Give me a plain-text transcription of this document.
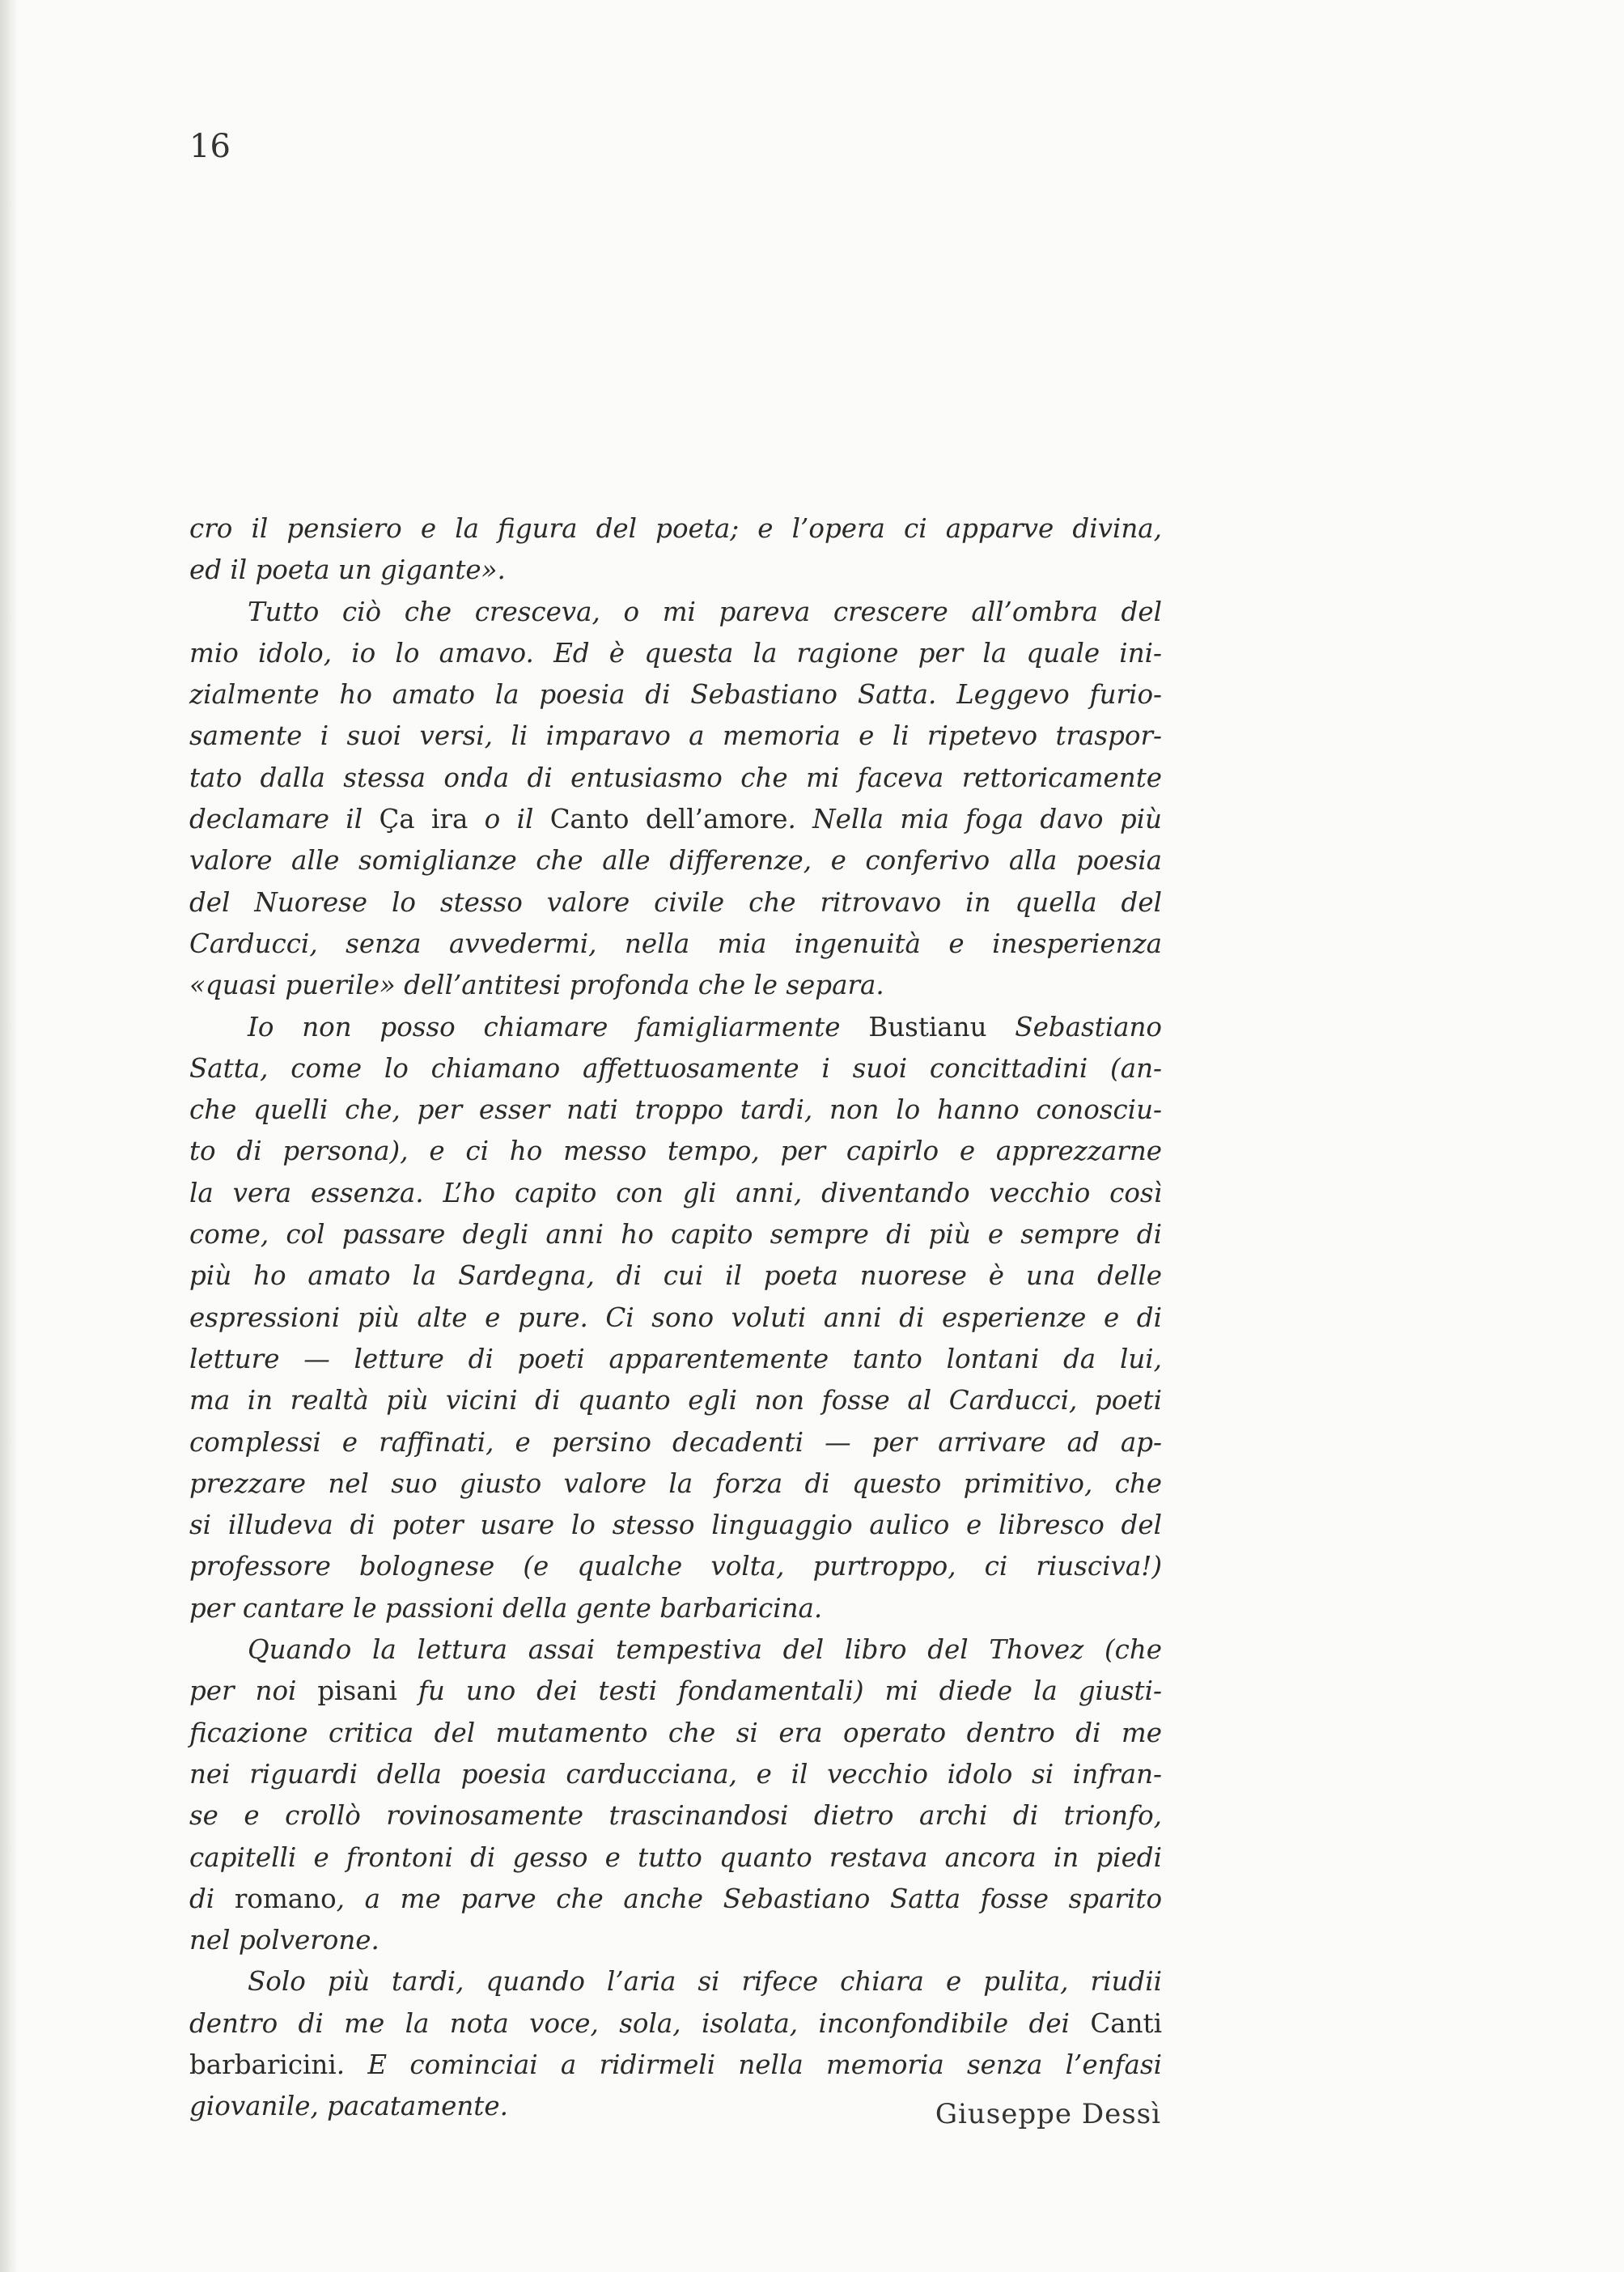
16
cro il pensiero e la figura del poeta; e l’opera ci apparve divina,
ed il poeta un gigante».
Tutto ciò che cresceva, o mi pareva crescere all’ombra del
mio idolo, io lo amavo. Ed è questa la ragione per la quale ini-
zialmente ho amato la poesia di Sebastiano Satta. Leggevo furio-
samente i suoi versi, li imparavo a memoria e li ripetevo traspor-
tato dalla stessa onda di entusiasmo che mi faceva rettoricamente
declamare il Ça ira o il Canto dell’amore. Nella mia foga davo più
valore alle somiglianze che alle differenze, e conferivo alla poesia
del Nuorese lo stesso valore civile che ritrovavo in quella del
Carducci, senza avvedermi, nella mia ingenuità e inesperienza
«quasi puerile» dell’antitesi profonda che le separa.
Io non posso chiamare famigliarmente Bustianu Sebastiano
Satta, come lo chiamano affettuosamente i suoi concittadini (an-
che quelli che, per esser nati troppo tardi, non lo hanno conosciu-
to di persona), e ci ho messo tempo, per capirlo e apprezzarne
la vera essenza. L’ho capito con gli anni, diventando vecchio così
come, col passare degli anni ho capito sempre di più e sempre di
più ho amato la Sardegna, di cui il poeta nuorese è una delle
espressioni più alte e pure. Ci sono voluti anni di esperienze e di
letture — letture di poeti apparentemente tanto lontani da lui,
ma in realtà più vicini di quanto egli non fosse al Carducci, poeti
complessi e raffinati, e persino decadenti — per arrivare ad ap-
prezzare nel suo giusto valore la forza di questo primitivo, che
si illudeva di poter usare lo stesso linguaggio aulico e libresco del
professore bolognese (e qualche volta, purtroppo, ci riusciva!)
per cantare le passioni della gente barbaricina.
Quando la lettura assai tempestiva del libro del Thovez (che
per noi pisani fu uno dei testi fondamentali) mi diede la giusti-
ficazione critica del mutamento che si era operato dentro di me
nei riguardi della poesia carducciana, e il vecchio idolo si infran-
se e crollò rovinosamente trascinandosi dietro archi di trionfo,
capitelli e frontoni di gesso e tutto quanto restava ancora in piedi
di romano, a me parve che anche Sebastiano Satta fosse sparito
nel polverone.
Solo più tardi, quando l’aria si rifece chiara e pulita, riudii
dentro di me la nota voce, sola, isolata, inconfondibile dei Canti
barbaricini. E cominciai a ridirmeli nella memoria senza l’enfasi
giovanile, pacatamente.	Giuseppe Dessì
